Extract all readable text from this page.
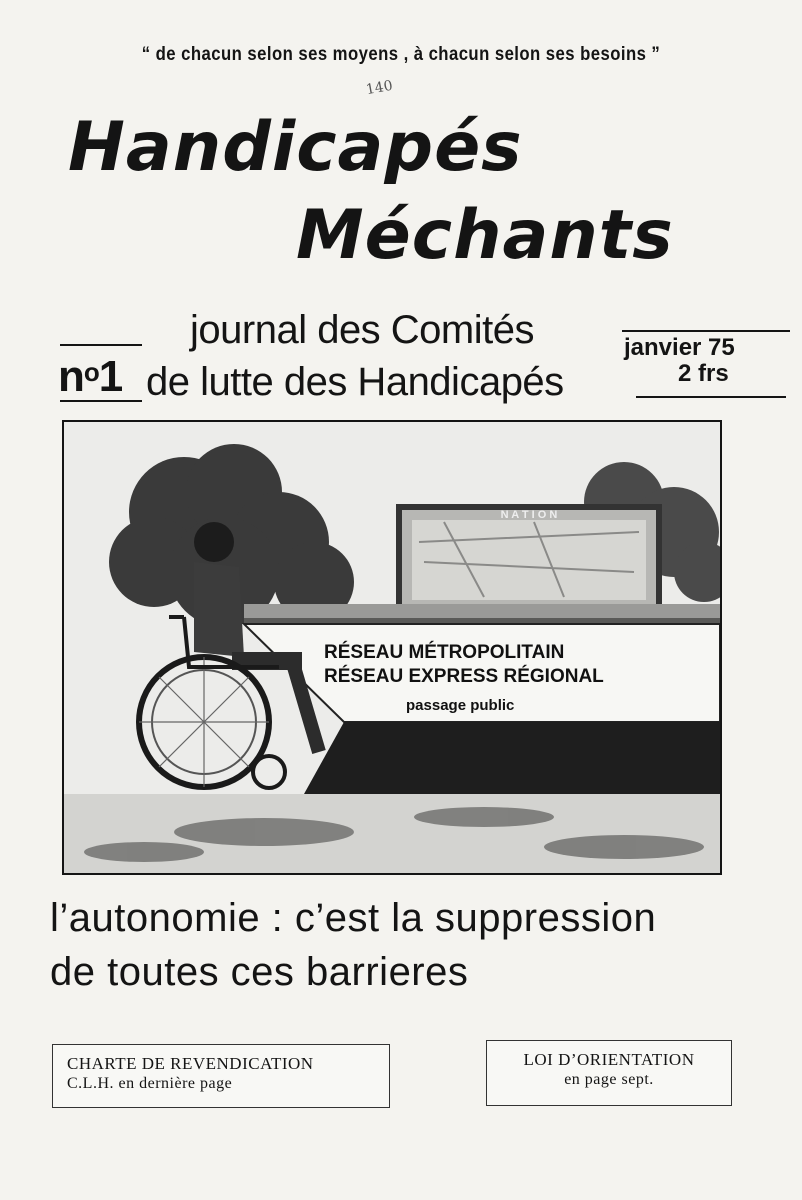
“ de chacun selon ses moyens , à chacun selon ses besoins ”
140
Handicapés
Méchants
journal des Comités
de lutte des Handicapés
$n^o1$
janvier 75
2 frs
N A T I O N
RÉSEAU MÉTROPOLITAIN
RÉSEAU EXPRESS RÉGIONAL
passage public
l’autonomie : c’est la suppression
de toutes ces barrieres
CHARTE DE REVENDICATION
C.L.H. en dernière page
LOI D’ORIENTATION
en page sept.
